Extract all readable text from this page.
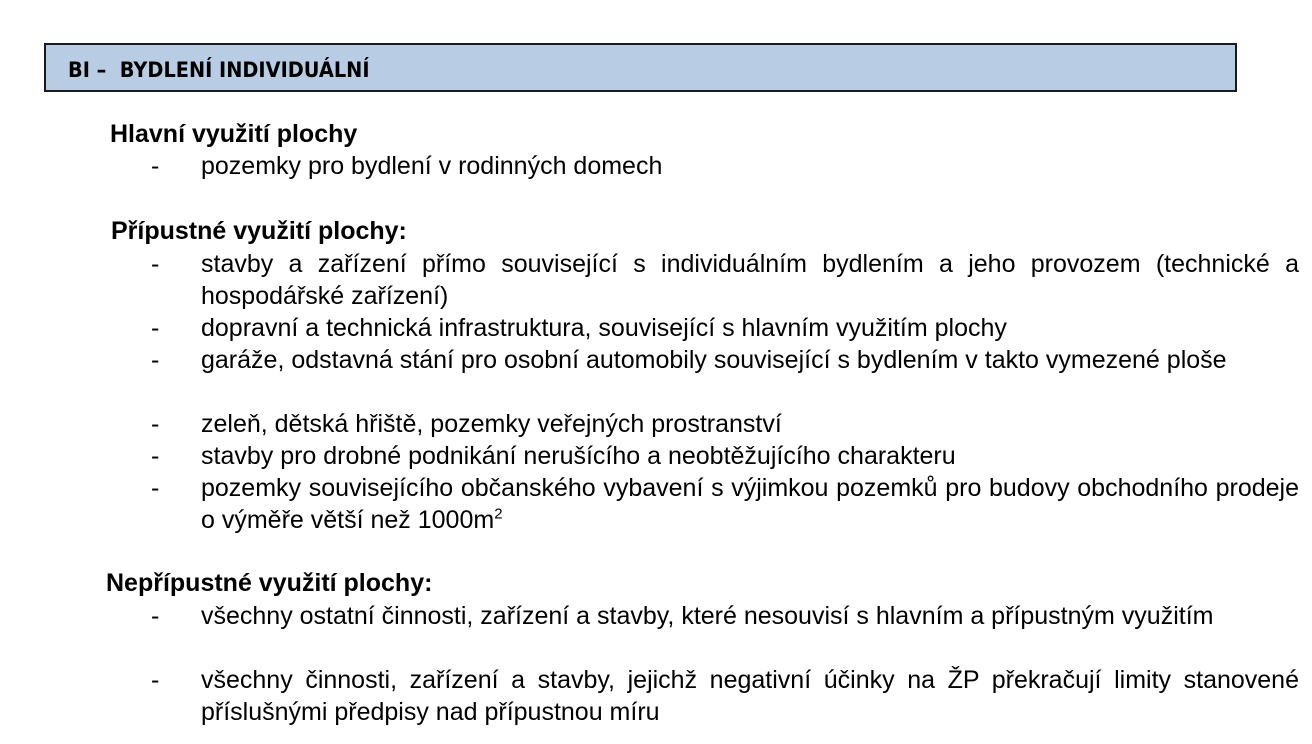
BI –  BYDLENÍ INDIVIDUÁLNÍ
Hlavní využití plochy
- pozemky pro bydlení v rodinných domech
Přípustné využití plochy:
- stavby a zařízení přímo související s individuálním bydlením a jeho provozem (technické a hospodářské zařízení)
- dopravní a technická infrastruktura, související s hlavním využitím plochy
- garáže, odstavná stání pro osobní automobily související s bydlením v takto vymezené ploše
- zeleň, dětská hřiště, pozemky veřejných prostranství
- stavby pro drobné podnikání nerušícího a neobtěžujícího charakteru
- pozemky souvisejícího občanského vybavení s výjimkou pozemků pro budovy obchodního prodeje o výměře větší než $1000m^2$
Nepřípustné využití plochy:
- všechny ostatní činnosti, zařízení a stavby, které nesouvisí s hlavním a přípustným využitím
- všechny činnosti, zařízení a stavby, jejichž negativní účinky na ŽP překračují limity stanovené příslušnými předpisy nad přípustnou míru
